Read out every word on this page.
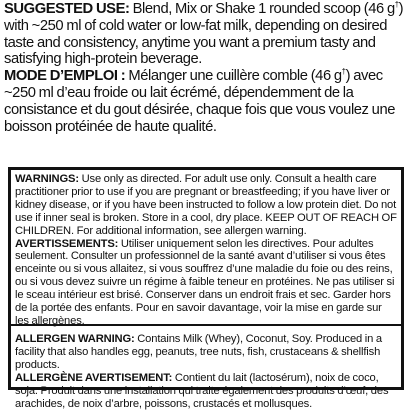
SUGGESTED USE: Blend, Mix or Shake 1 rounded scoop (46 g†) with ~250 ml of cold water or low-fat milk, depending on desired taste and consistency, anytime you want a premium tasty and satisfying high-protein beverage.

MODE D’EMPLOI : Mélanger une cuillère comble (46 g†) avec ~250 ml d’eau froide ou lait écrémé, dépendemment de la consistance et du gout désirée, chaque fois que vous voulez une boisson protéinée de haute qualité.

WARNINGS: Use only as directed. For adult use only. Consult a health care practitioner prior to use if you are pregnant or breastfeeding; if you have liver or kidney disease, or if you have been instructed to follow a low protein diet. Do not use if inner seal is broken. Store in a cool, dry place. KEEP OUT OF REACH OF CHILDREN. For additional information, see allergen warning.

AVERTISSEMENTS: Utiliser uniquement selon les directives. Pour adultes seulement. Consulter un professionnel de la santé avant d’utiliser si vous êtes enceinte ou si vous allaitez, si vous souffrez d’une maladie du foie ou des reins, ou si vous devez suivre un régime à faible teneur en protéines. Ne pas utiliser si le sceau intérieur est brisé. Conserver dans un endroit frais et sec. Garder hors de la portée des enfants. Pour en savoir davantage, voir la mise en garde sur les allergènes.

ALLERGEN WARNING: Contains Milk (Whey), Coconut, Soy. Produced in a facility that also handles egg, peanuts, tree nuts, fish, crustaceans & shellfish products.

ALLERGÈNE AVERTISEMENT: Contient du lait (lactosérum), noix de coco, soja. Produit dans une installation qui traite également des produits d’œuf, des arachides, de noix d’arbre, poissons, crustacés et mollusques.
